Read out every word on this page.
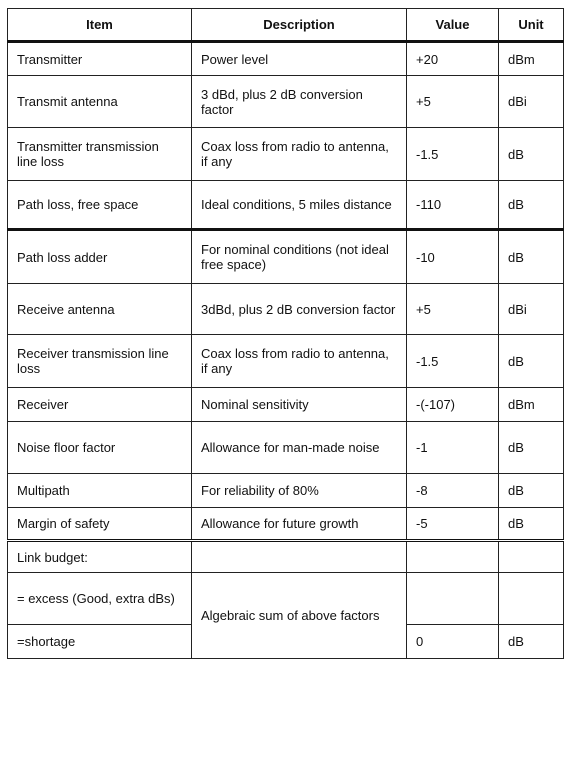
Item	Description	Value	Unit
Transmitter	Power level	+20	dBm
Transmit antenna	3 dBd, plus 2 dB conversion factor	+5	dBi
Transmitter transmission line loss	Coax loss from radio to antenna, if any	-1.5	dB
Path loss, free space	Ideal conditions, 5 miles distance	-110	dB
Path loss adder	For nominal conditions (not ideal free space)	-10	dB
Receive antenna	3dBd, plus 2 dB conversion factor	+5	dBi
Receiver transmission line loss	Coax loss from radio to antenna, if any	-1.5	dB
Receiver	Nominal sensitivity	-(-107)	dBm
Noise floor factor	Allowance for man-made noise	-1	dB
Multipath	For reliability of 80%	-8	dB
Margin of safety	Allowance for future growth	-5	dB
Link budget:			
= excess (Good, extra dBs)	Algebraic sum of above factors		
=shortage		0	dB
